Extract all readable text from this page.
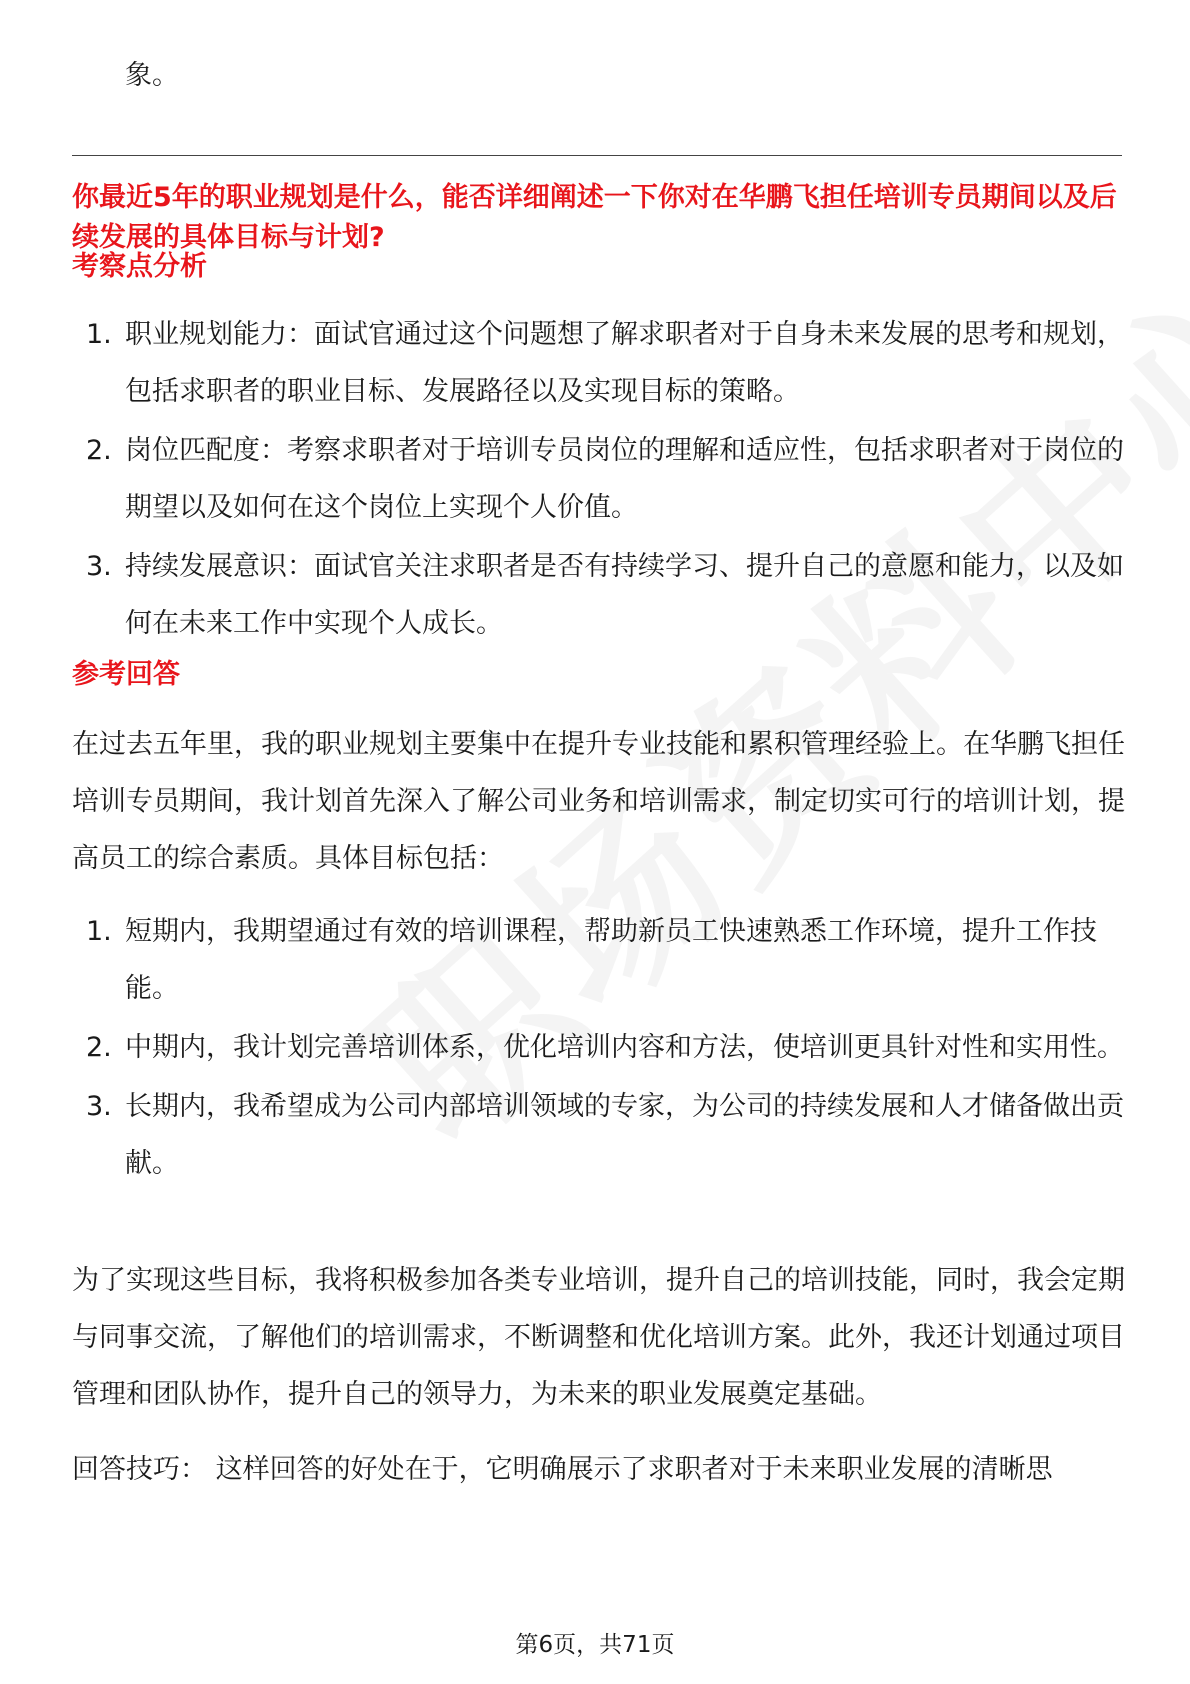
象。

你最近5年的职业规划是什么，能否详细阐述一下你对在华鹏飞担任培训专员期间以及后续发展的具体目标与计划?

考察点分析

1. 职业规划能力：面试官通过这个问题想了解求职者对于自身未来发展的思考和规划，包括求职者的职业目标、发展路径以及实现目标的策略。
2. 岗位匹配度：考察求职者对于培训专员岗位的理解和适应性，包括求职者对于岗位的期望以及如何在这个岗位上实现个人价值。
3. 持续发展意识：面试官关注求职者是否有持续学习、提升自己的意愿和能力，以及如何在未来工作中实现个人成长。

参考回答

在过去五年里，我的职业规划主要集中在提升专业技能和累积管理经验上。在华鹏飞担任培训专员期间，我计划首先深入了解公司业务和培训需求，制定切实可行的培训计划，提高员工的综合素质。具体目标包括：

1. 短期内，我期望通过有效的培训课程，帮助新员工快速熟悉工作环境，提升工作技能。
2. 中期内，我计划完善培训体系，优化培训内容和方法，使培训更具针对性和实用性。
3. 长期内，我希望成为公司内部培训领域的专家，为公司的持续发展和人才储备做出贡献。

为了实现这些目标，我将积极参加各类专业培训，提升自己的培训技能，同时，我会定期与同事交流，了解他们的培训需求，不断调整和优化培训方案。此外，我还计划通过项目管理和团队协作，提升自己的领导力，为未来的职业发展奠定基础。

回答技巧： 这样回答的好处在于，它明确展示了求职者对于未来职业发展的清晰思

第6页，共71页
